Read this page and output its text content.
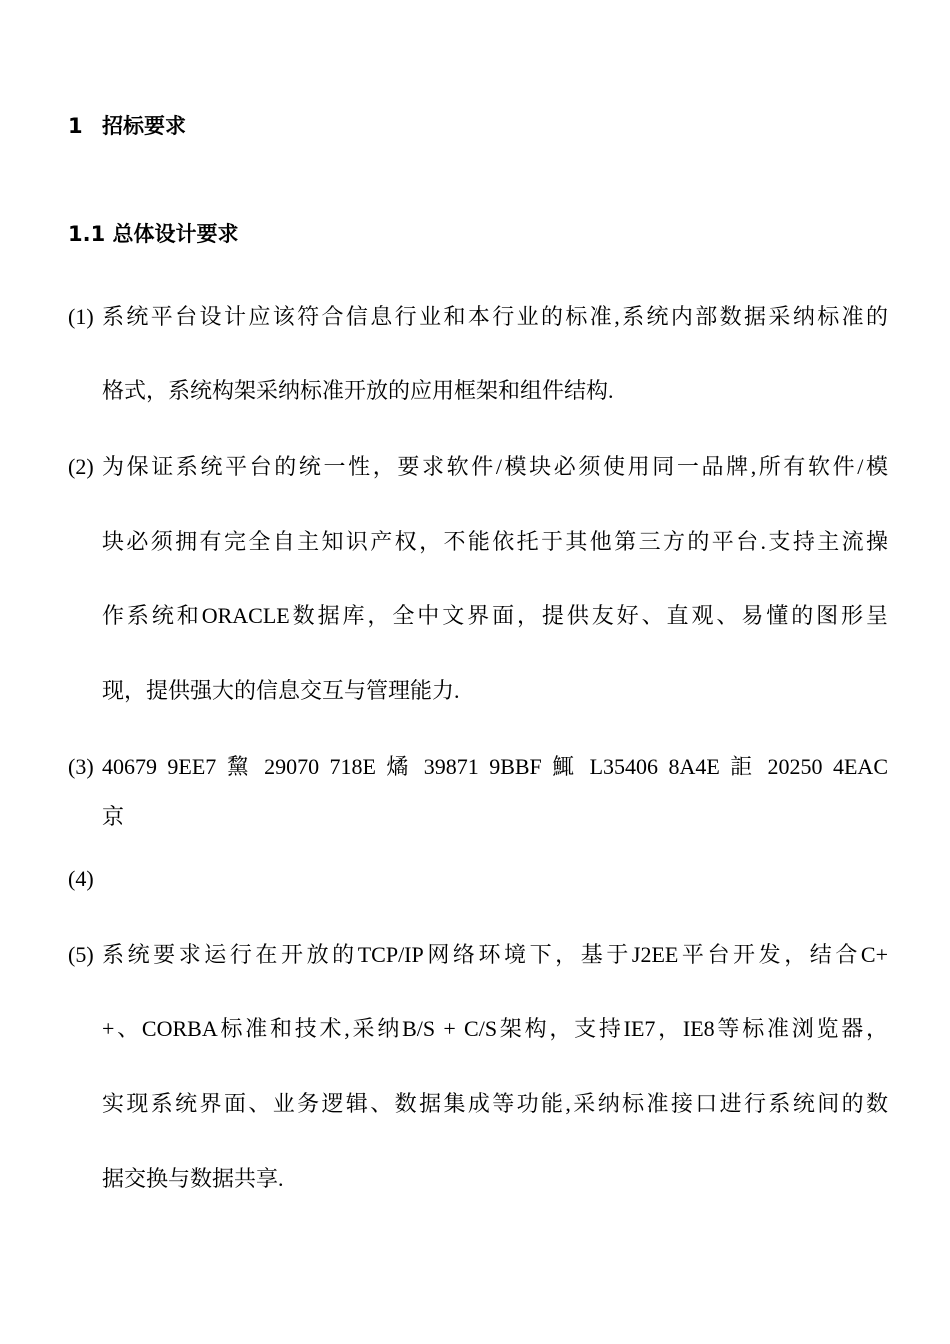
1 招标要求
1.1 总体设计要求
(1) 系统平台设计应该符合信息行业和本行业的标准,系统内部数据采纳标准的
格式，系统构架采纳标准开放的应用框架和组件结构.
(2) 为保证系统平台的统一性，要求软件/模块必须使用同一品牌,所有软件/模
块必须拥有完全自主知识产权，不能依托于其他第三方的平台.支持主流操
作系统和ORACLE数据库，全中文界面，提供友好、直观、易懂的图形呈
现，提供强大的信息交互与管理能力.
(3) 40679 9EE7 黧 29070 718E 燏 39871 9BBF 鮿 L35406 8A4E 詎 20250 4EAC
京
(4)
(5) 系统要求运行在开放的TCP/IP网络环境下，基于J2EE平台开发，结合C+
+、CORBA标准和技术,采纳B/S + C/S架构，支持IE7，IE8等标准浏览器，
实现系统界面、业务逻辑、数据集成等功能,采纳标准接口进行系统间的数
据交换与数据共享.
